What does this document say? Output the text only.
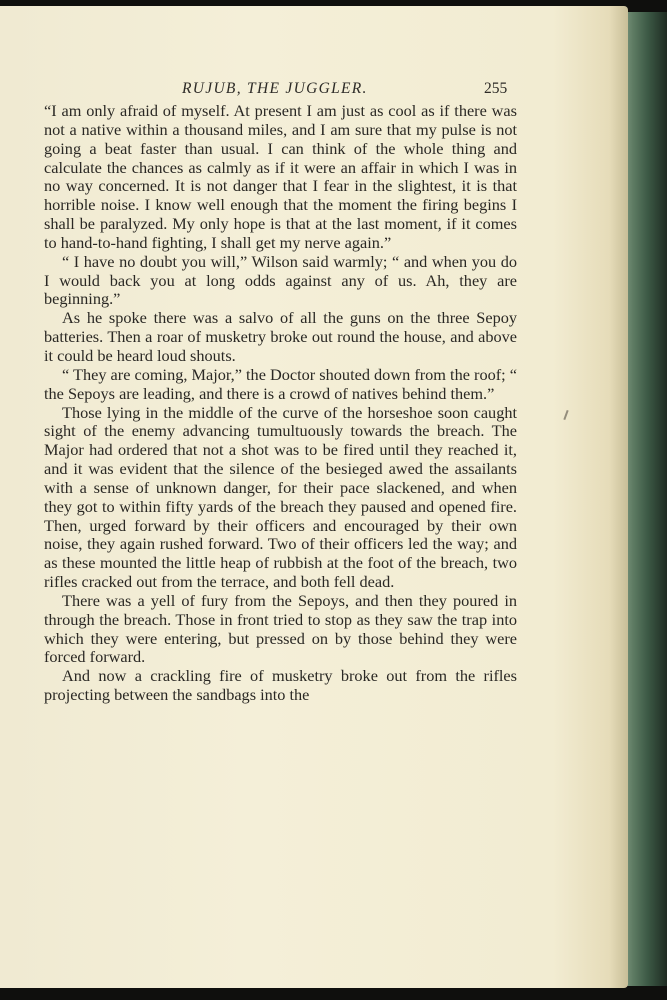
RUJUB, THE JUGGLER.	255

“I am only afraid of myself. At present I am just as cool as if there was not a native within a thousand miles, and I am sure that my pulse is not going a beat faster than usual. I can think of the whole thing and calculate the chances as calmly as if it were an affair in which I was in no way concerned. It is not danger that I fear in the slightest, it is that horrible noise. I know well enough that the moment the firing begins I shall be paralyzed. My only hope is that at the last moment, if it comes to hand-to-hand fighting, I shall get my nerve again.”

“ I have no doubt you will,” Wilson said warmly; “ and when you do I would back you at long odds against any of us. Ah, they are beginning.”

As he spoke there was a salvo of all the guns on the three Sepoy batteries. Then a roar of musketry broke out round the house, and above it could be heard loud shouts.

“ They are coming, Major,” the Doctor shouted down from the roof; “ the Sepoys are leading, and there is a crowd of natives behind them.”

Those lying in the middle of the curve of the horseshoe soon caught sight of the enemy advancing tumultuously towards the breach. The Major had ordered that not a shot was to be fired until they reached it, and it was evident that the silence of the besieged awed the assailants with a sense of unknown danger, for their pace slackened, and when they got to within fifty yards of the breach they paused and opened fire. Then, urged forward by their officers and encouraged by their own noise, they again rushed forward. Two of their officers led the way; and as these mounted the little heap of rubbish at the foot of the breach, two rifles cracked out from the terrace, and both fell dead.

There was a yell of fury from the Sepoys, and then they poured in through the breach. Those in front tried to stop as they saw the trap into which they were entering, but pressed on by those behind they were forced forward.

And now a crackling fire of musketry broke out from the rifles projecting between the sandbags into the
